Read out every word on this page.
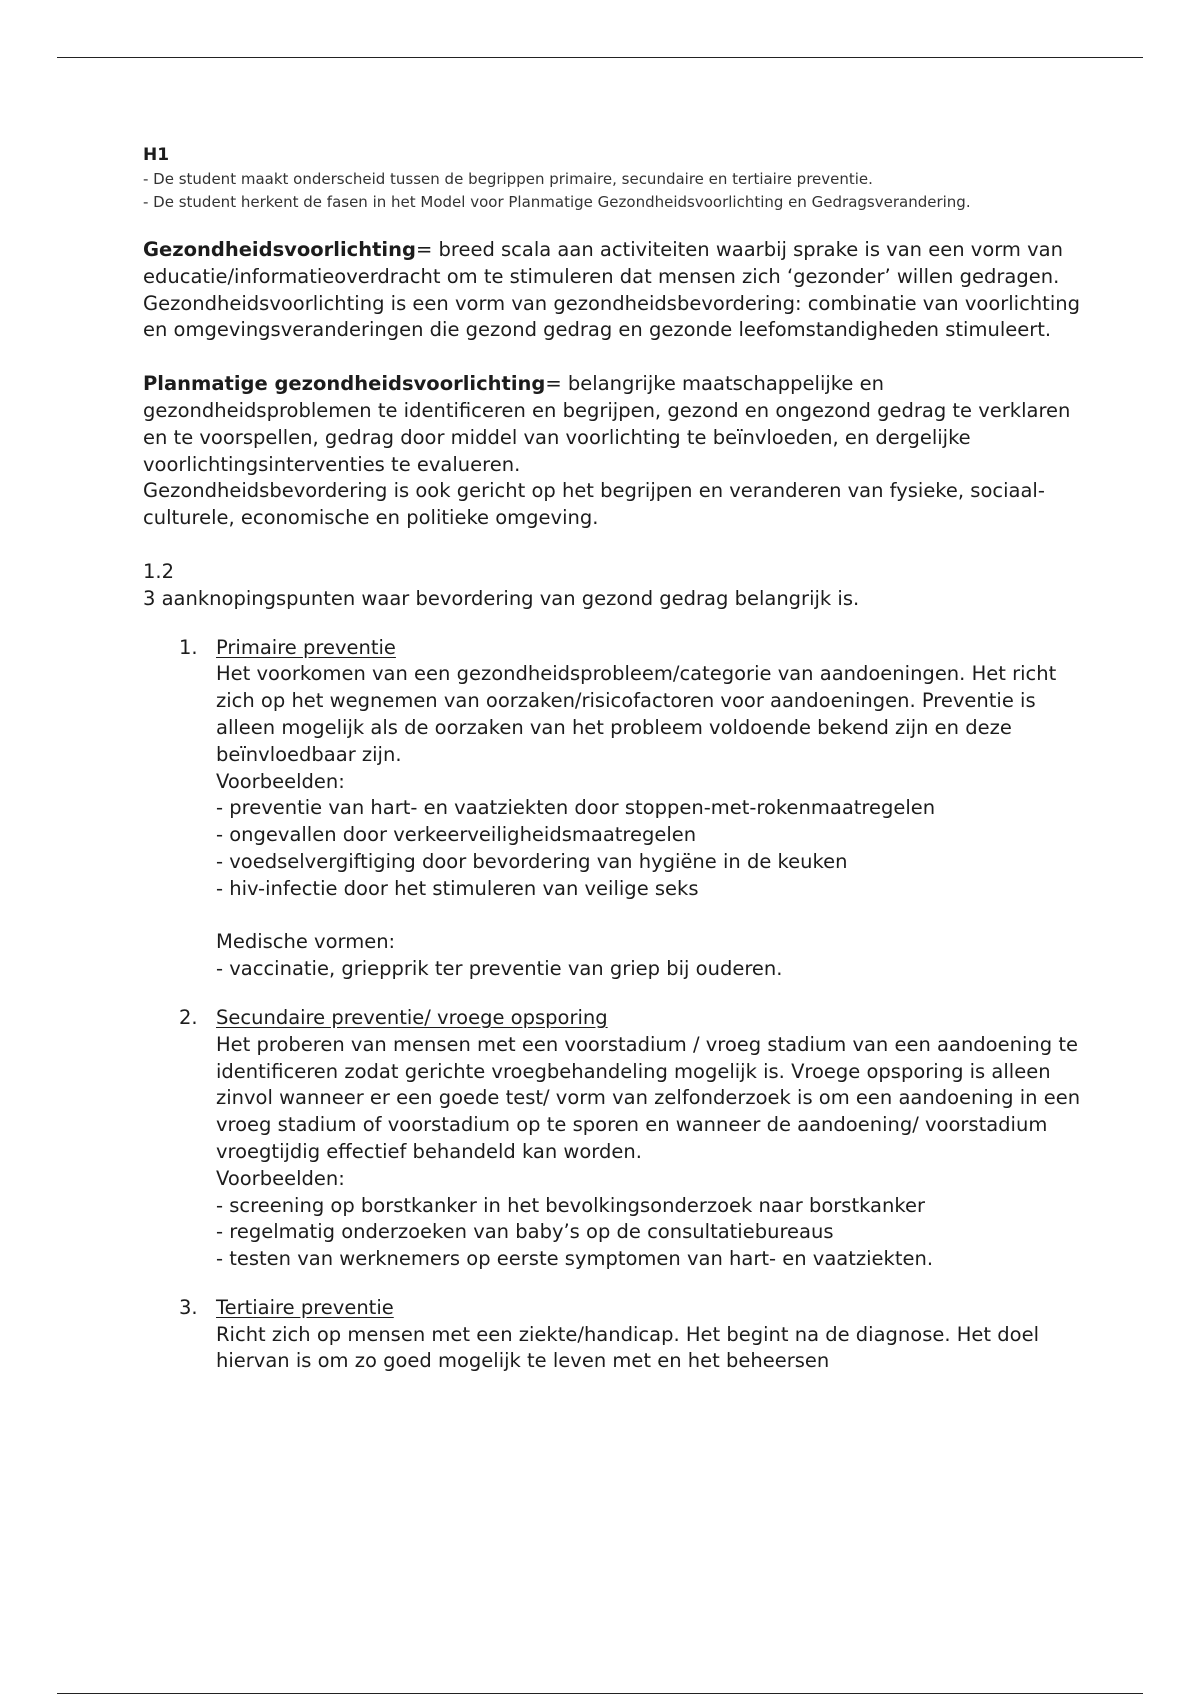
H1

- De student maakt onderscheid tussen de begrippen primaire, secundaire en tertiaire preventie.

- De student herkent de fasen in het Model voor Planmatige Gezondheidsvoorlichting en Gedragsverandering.

Gezondheidsvoorlichting= breed scala aan activiteiten waarbij sprake is van een vorm van educatie/informatieoverdracht om te stimuleren dat mensen zich ‘gezonder’ willen gedragen.

Gezondheidsvoorlichting is een vorm van gezondheidsbevordering: combinatie van voorlichting en omgevingsveranderingen die gezond gedrag en gezonde leefomstandigheden stimuleert.

Planmatige gezondheidsvoorlichting= belangrijke maatschappelijke en gezondheidsproblemen te identificeren en begrijpen, gezond en ongezond gedrag te verklaren en te voorspellen, gedrag door middel van voorlichting te beïnvloeden, en dergelijke voorlichtingsinterventies te evalueren.

Gezondheidsbevordering is ook gericht op het begrijpen en veranderen van fysieke, sociaal-culturele, economische en politieke omgeving.

1.2

3 aanknopingspunten waar bevordering van gezond gedrag belangrijk is.

1. Primaire preventie

Het voorkomen van een gezondheidsprobleem/categorie van aandoeningen. Het richt zich op het wegnemen van oorzaken/risicofactoren voor aandoeningen. Preventie is alleen mogelijk als de oorzaken van het probleem voldoende bekend zijn en deze beïnvloedbaar zijn.

Voorbeelden:

- preventie van hart- en vaatziekten door stoppen-met-rokenmaatregelen

- ongevallen door verkeerveiligheidsmaatregelen

- voedselvergiftiging door bevordering van hygiëne in de keuken

- hiv-infectie door het stimuleren van veilige seks

Medische vormen:

- vaccinatie, griepprik ter preventie van griep bij ouderen.

2. Secundaire preventie/ vroege opsporing

Het proberen van mensen met een voorstadium / vroeg stadium van een aandoening te identificeren zodat gerichte vroegbehandeling mogelijk is. Vroege opsporing is alleen zinvol wanneer er een goede test/ vorm van zelfonderzoek is om een aandoening in een vroeg stadium of voorstadium op te sporen en wanneer de aandoening/ voorstadium vroegtijdig effectief behandeld kan worden.

Voorbeelden:

- screening op borstkanker in het bevolkingsonderzoek naar borstkanker

- regelmatig onderzoeken van baby’s op de consultatiebureaus

- testen van werknemers op eerste symptomen van hart- en vaatziekten.

3. Tertiaire preventie

Richt zich op mensen met een ziekte/handicap. Het begint na de diagnose. Het doel hiervan is om zo goed mogelijk te leven met en het beheersen
